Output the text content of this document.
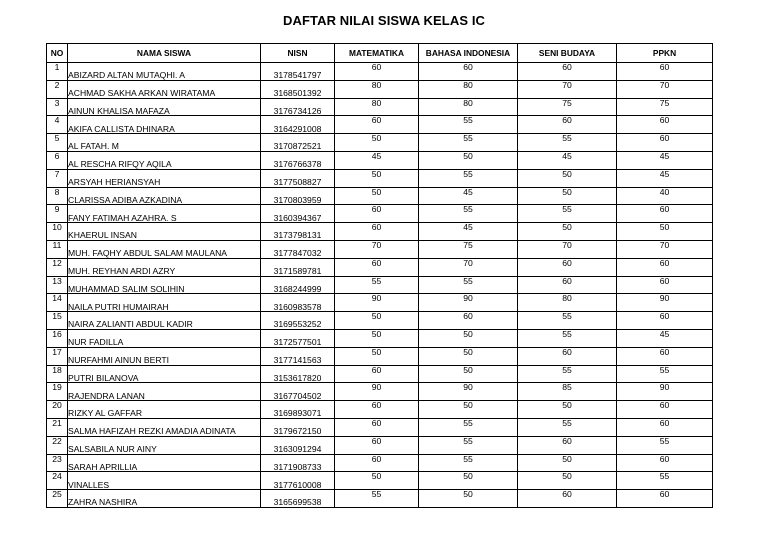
DAFTAR NILAI SISWA KELAS IC
NO	NAMA SISWA	NISN	MATEMATIKA	BAHASA INDONESIA	SENI BUDAYA	PPKN
1	ABIZARD ALTAN MUTAQHI. A	3178541797	60	60	60	60
2	ACHMAD SAKHA ARKAN WIRATAMA	3168501392	80	80	70	70
3	AINUN KHALISA MAFAZA	3176734126	80	80	75	75
4	AKIFA CALLISTA DHINARA	3164291008	60	55	60	60
5	AL FATAH. M	3170872521	50	55	55	60
6	AL RESCHA RIFQY AQILA	3176766378	45	50	45	45
7	ARSYAH HERIANSYAH	3177508827	50	55	50	45
8	CLARISSA ADIBA AZKADINA	3170803959	50	45	50	40
9	FANY FATIMAH AZAHRA. S	3160394367	60	55	55	60
10	KHAERUL INSAN	3173798131	60	45	50	50
11	MUH. FAQHY ABDUL SALAM MAULANA	3177847032	70	75	70	70
12	MUH. REYHAN ARDI AZRY	3171589781	60	70	60	60
13	MUHAMMAD SALIM SOLIHIN	3168244999	55	55	60	60
14	NAILA PUTRI HUMAIRAH	3160983578	90	90	80	90
15	NAIRA ZALIANTI ABDUL KADIR	3169553252	50	60	55	60
16	NUR FADILLA	3172577501	50	50	55	45
17	NURFAHMI AINUN BERTI	3177141563	50	50	60	60
18	PUTRI BILANOVA	3153617820	60	50	55	55
19	RAJENDRA LANAN	3167704502	90	90	85	90
20	RIZKY AL GAFFAR	3169893071	60	50	50	60
21	SALMA HAFIZAH REZKI AMADIA ADINATA	3179672150	60	55	55	60
22	SALSABILA NUR AINY	3163091294	60	55	60	55
23	SARAH APRILLIA	3171908733	60	55	50	60
24	VINALLES	3177610008	50	50	50	55
25	ZAHRA NASHIRA	3165699538	55	50	60	60
